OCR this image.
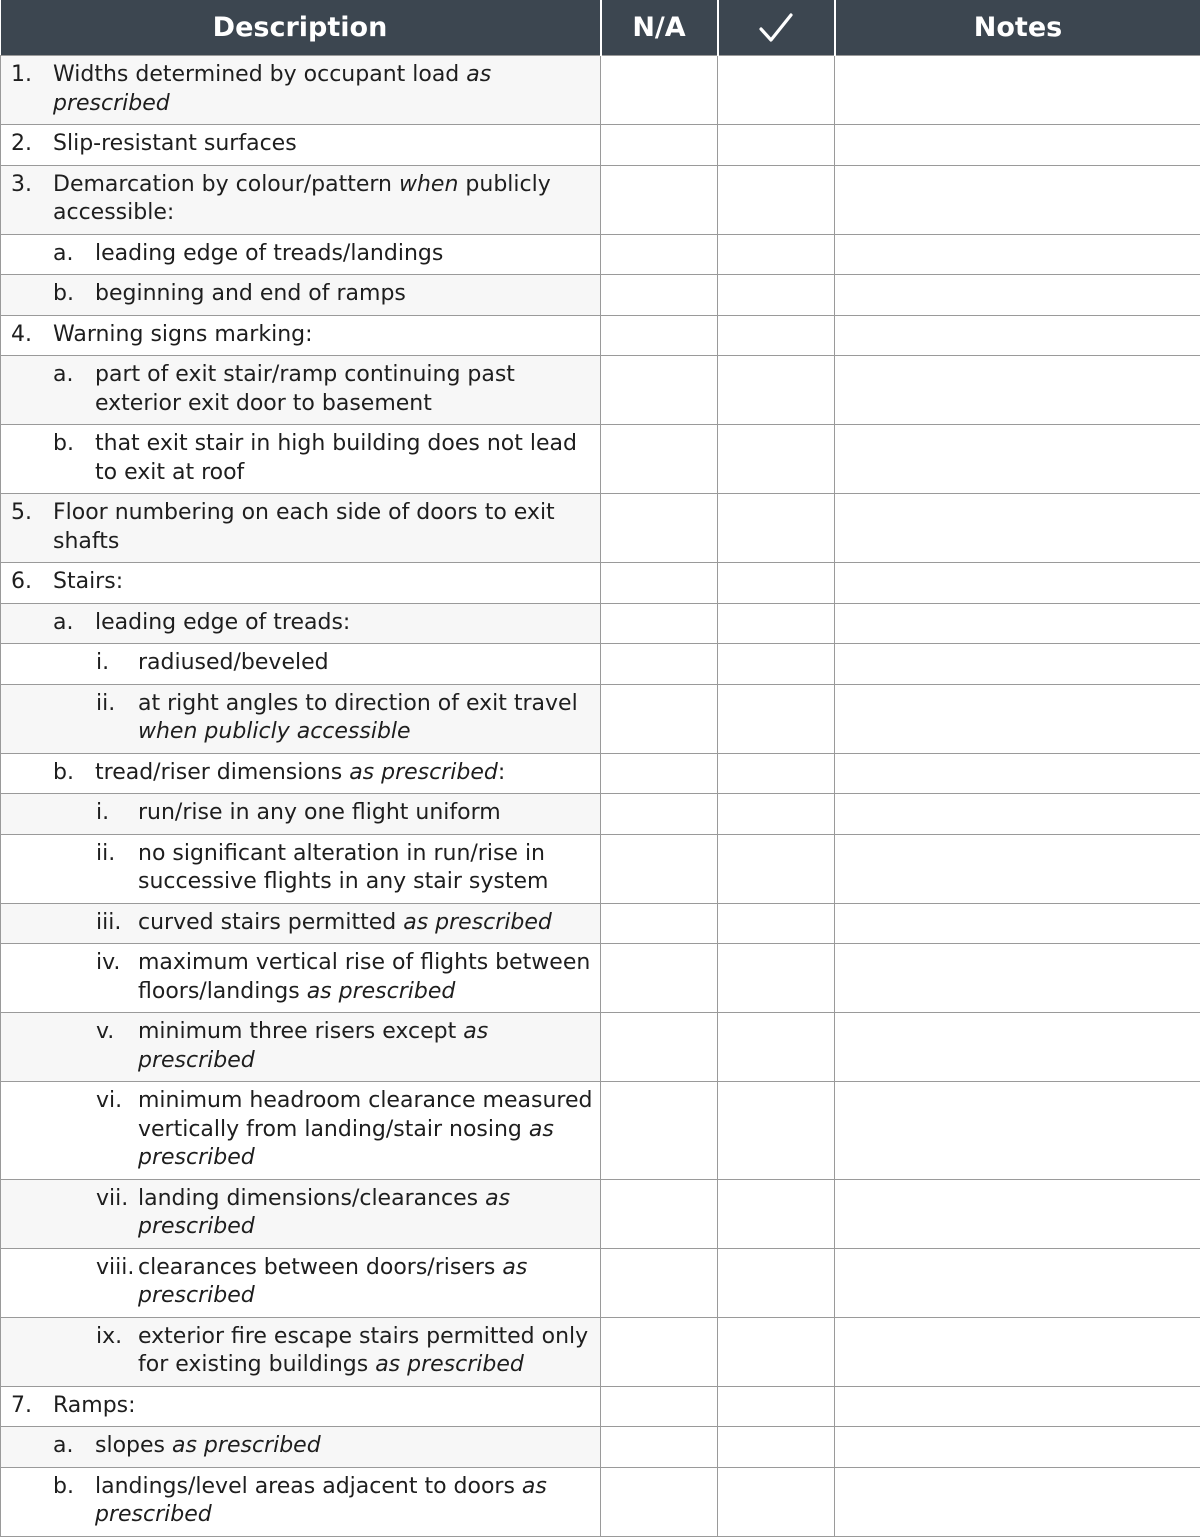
Description	N/A		Notes

1. Widths determined by occupant load as prescribed			

2. Slip-resistant surfaces			

3. Demarcation by colour/pattern when publicly accessible:			

a. leading edge of treads/landings			

b. beginning and end of ramps			

4. Warning signs marking:			

a. part of exit stair/ramp continuing past exterior exit door to basement			

b. that exit stair in high building does not lead to exit at roof			

5. Floor numbering on each side of doors to exit shafts			

6. Stairs:			

a. leading edge of treads:			

i. radiused/beveled			

ii. at right angles to direction of exit travel when publicly accessible			

b. tread/riser dimensions as prescribed:			

i. run/rise in any one flight uniform			

ii. no significant alteration in run/rise in successive flights in any stair system			

iii. curved stairs permitted as prescribed			

iv. maximum vertical rise of flights between floors/landings as prescribed			

v. minimum three risers except as prescribed			

vi. minimum headroom clearance measured vertically from landing/stair nosing as prescribed			

vii. landing dimensions/clearances as prescribed			

viii. clearances between doors/risers as prescribed			

ix. exterior fire escape stairs permitted only for existing buildings as prescribed			

7. Ramps:			

a. slopes as prescribed			

b. landings/level areas adjacent to doors as prescribed			
